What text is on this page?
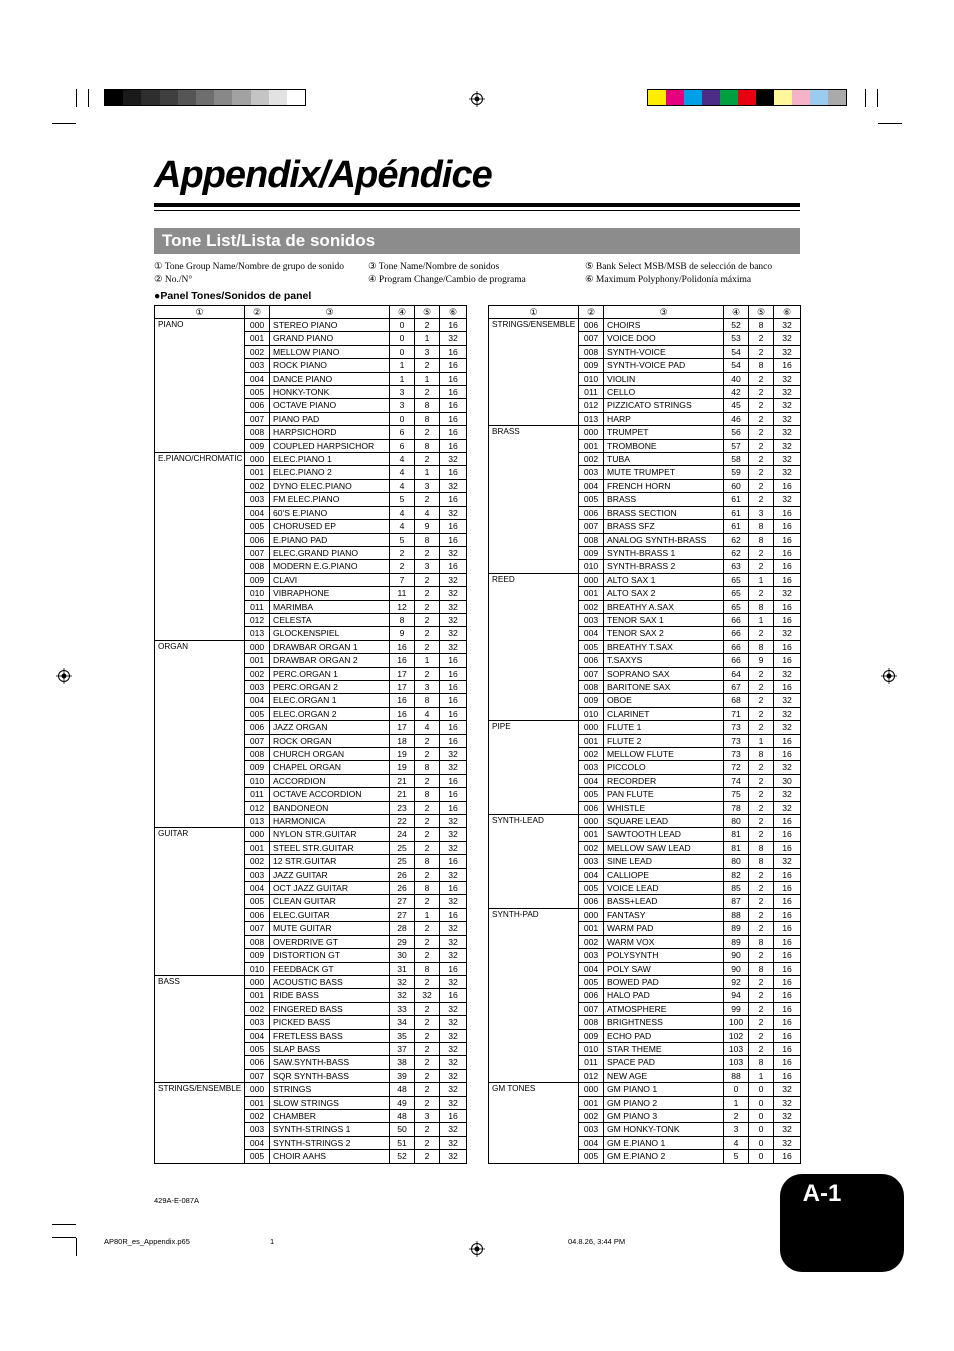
Appendix/Apéndice
Tone List/Lista de sonidos
① Tone Group Name/Nombre de grupo de sonido
② No./N°
③ Tone Name/Nombre de sonidos
④ Program Change/Cambio de programa
⑤ Bank Select MSB/MSB de selección de banco
⑥ Maximum Polyphony/Polidonía máxima
●Panel Tones/Sonidos de panel
①	②	③	④	⑤	⑥
PIANO	000	STEREO PIANO	0	2	16
	001	GRAND PIANO	0	1	32
	002	MELLOW PIANO	0	3	16
	003	ROCK PIANO	1	2	16
	004	DANCE PIANO	1	1	16
	005	HONKY-TONK	3	2	16
	006	OCTAVE PIANO	3	8	16
	007	PIANO PAD	0	8	16
	008	HARPSICHORD	6	2	16
	009	COUPLED HARPSICHOR	6	8	16
E.PIANO/CHROMATIC	000	ELEC.PIANO 1	4	2	32
	001	ELEC.PIANO 2	4	1	16
	002	DYNO ELEC.PIANO	4	3	32
	003	FM ELEC.PIANO	5	2	16
	004	60'S E.PIANO	4	4	32
	005	CHORUSED EP	4	9	16
	006	E.PIANO PAD	5	8	16
	007	ELEC.GRAND PIANO	2	2	32
	008	MODERN E.G.PIANO	2	3	16
	009	CLAVI	7	2	32
	010	VIBRAPHONE	11	2	32
	011	MARIMBA	12	2	32
	012	CELESTA	8	2	32
	013	GLOCKENSPIEL	9	2	32
ORGAN	000	DRAWBAR ORGAN 1	16	2	32
	001	DRAWBAR ORGAN 2	16	1	16
	002	PERC.ORGAN 1	17	2	16
	003	PERC.ORGAN 2	17	3	16
	004	ELEC.ORGAN 1	16	8	16
	005	ELEC.ORGAN 2	16	4	16
	006	JAZZ ORGAN	17	4	16
	007	ROCK ORGAN	18	2	16
	008	CHURCH ORGAN	19	2	32
	009	CHAPEL ORGAN	19	8	32
	010	ACCORDION	21	2	16
	011	OCTAVE ACCORDION	21	8	16
	012	BANDONEON	23	2	16
	013	HARMONICA	22	2	32
GUITAR	000	NYLON STR.GUITAR	24	2	32
	001	STEEL STR.GUITAR	25	2	32
	002	12 STR.GUITAR	25	8	16
	003	JAZZ GUITAR	26	2	32
	004	OCT JAZZ GUITAR	26	8	16
	005	CLEAN GUITAR	27	2	32
	006	ELEC.GUITAR	27	1	16
	007	MUTE GUITAR	28	2	32
	008	OVERDRIVE GT	29	2	32
	009	DISTORTION GT	30	2	32
	010	FEEDBACK GT	31	8	16
BASS	000	ACOUSTIC BASS	32	2	32
	001	RIDE BASS	32	32	16
	002	FINGERED BASS	33	2	32
	003	PICKED BASS	34	2	32
	004	FRETLESS BASS	35	2	32
	005	SLAP BASS	37	2	32
	006	SAW.SYNTH-BASS	38	2	32
	007	SQR SYNTH-BASS	39	2	32
STRINGS/ENSEMBLE	000	STRINGS	48	2	32
	001	SLOW STRINGS	49	2	32
	002	CHAMBER	48	3	16
	003	SYNTH-STRINGS 1	50	2	32
	004	SYNTH-STRINGS 2	51	2	32
	005	CHOIR AAHS	52	2	32
①	②	③	④	⑤	⑥
STRINGS/ENSEMBLE	006	CHOIRS	52	8	32
	007	VOICE DOO	53	2	32
	008	SYNTH-VOICE	54	2	32
	009	SYNTH-VOICE PAD	54	8	16
	010	VIOLIN	40	2	32
	011	CELLO	42	2	32
	012	PIZZICATO STRINGS	45	2	32
	013	HARP	46	2	32
BRASS	000	TRUMPET	56	2	32
	001	TROMBONE	57	2	32
	002	TUBA	58	2	32
	003	MUTE TRUMPET	59	2	32
	004	FRENCH HORN	60	2	16
	005	BRASS	61	2	32
	006	BRASS SECTION	61	3	16
	007	BRASS SFZ	61	8	16
	008	ANALOG SYNTH-BRASS	62	8	16
	009	SYNTH-BRASS 1	62	2	16
	010	SYNTH-BRASS 2	63	2	16
REED	000	ALTO SAX 1	65	1	16
	001	ALTO SAX 2	65	2	32
	002	BREATHY A.SAX	65	8	16
	003	TENOR SAX 1	66	1	16
	004	TENOR SAX 2	66	2	32
	005	BREATHY T.SAX	66	8	16
	006	T.SAXYS	66	9	16
	007	SOPRANO SAX	64	2	32
	008	BARITONE SAX	67	2	16
	009	OBOE	68	2	32
	010	CLARINET	71	2	32
PIPE	000	FLUTE 1	73	2	32
	001	FLUTE 2	73	1	16
	002	MELLOW FLUTE	73	8	16
	003	PICCOLO	72	2	32
	004	RECORDER	74	2	30
	005	PAN FLUTE	75	2	32
	006	WHISTLE	78	2	32
SYNTH-LEAD	000	SQUARE LEAD	80	2	16
	001	SAWTOOTH LEAD	81	2	16
	002	MELLOW SAW LEAD	81	8	16
	003	SINE LEAD	80	8	32
	004	CALLIOPE	82	2	16
	005	VOICE LEAD	85	2	16
	006	BASS+LEAD	87	2	16
SYNTH-PAD	000	FANTASY	88	2	16
	001	WARM PAD	89	2	16
	002	WARM VOX	89	8	16
	003	POLYSYNTH	90	2	16
	004	POLY SAW	90	8	16
	005	BOWED PAD	92	2	16
	006	HALO PAD	94	2	16
	007	ATMOSPHERE	99	2	16
	008	BRIGHTNESS	100	2	16
	009	ECHO PAD	102	2	16
	010	STAR THEME	103	2	16
	011	SPACE PAD	103	8	16
	012	NEW AGE	88	1	16
GM TONES	000	GM PIANO 1	0	0	32
	001	GM PIANO 2	1	0	32
	002	GM PIANO 3	2	0	32
	003	GM HONKY-TONK	3	0	32
	004	GM E.PIANO 1	4	0	32
	005	GM E.PIANO 2	5	0	16
A-1
429A-E-087A
AP80R_es_Appendix.p65	1	04.8.26, 3:44 PM
